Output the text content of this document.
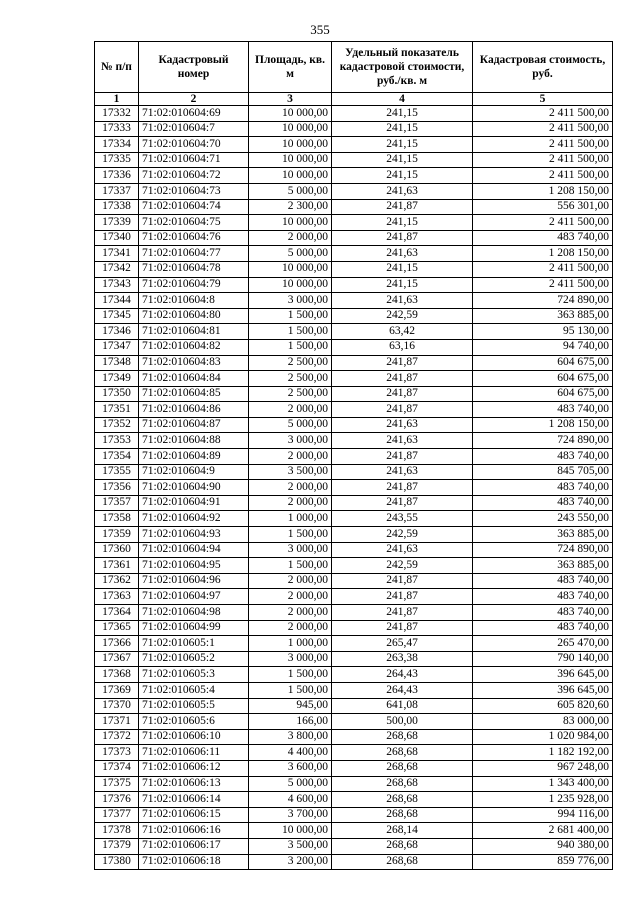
355
№ п/п	Кадастровый номер	Площадь, кв. м	Удельный показатель кадастровой стоимости, руб./кв. м	Кадастровая стоимость, руб.
1	2	3	4	5
17332	71:02:010604:69	10 000,00	241,15	2 411 500,00
17333	71:02:010604:7	10 000,00	241,15	2 411 500,00
17334	71:02:010604:70	10 000,00	241,15	2 411 500,00
17335	71:02:010604:71	10 000,00	241,15	2 411 500,00
17336	71:02:010604:72	10 000,00	241,15	2 411 500,00
17337	71:02:010604:73	5 000,00	241,63	1 208 150,00
17338	71:02:010604:74	2 300,00	241,87	556 301,00
17339	71:02:010604:75	10 000,00	241,15	2 411 500,00
17340	71:02:010604:76	2 000,00	241,87	483 740,00
17341	71:02:010604:77	5 000,00	241,63	1 208 150,00
17342	71:02:010604:78	10 000,00	241,15	2 411 500,00
17343	71:02:010604:79	10 000,00	241,15	2 411 500,00
17344	71:02:010604:8	3 000,00	241,63	724 890,00
17345	71:02:010604:80	1 500,00	242,59	363 885,00
17346	71:02:010604:81	1 500,00	63,42	95 130,00
17347	71:02:010604:82	1 500,00	63,16	94 740,00
17348	71:02:010604:83	2 500,00	241,87	604 675,00
17349	71:02:010604:84	2 500,00	241,87	604 675,00
17350	71:02:010604:85	2 500,00	241,87	604 675,00
17351	71:02:010604:86	2 000,00	241,87	483 740,00
17352	71:02:010604:87	5 000,00	241,63	1 208 150,00
17353	71:02:010604:88	3 000,00	241,63	724 890,00
17354	71:02:010604:89	2 000,00	241,87	483 740,00
17355	71:02:010604:9	3 500,00	241,63	845 705,00
17356	71:02:010604:90	2 000,00	241,87	483 740,00
17357	71:02:010604:91	2 000,00	241,87	483 740,00
17358	71:02:010604:92	1 000,00	243,55	243 550,00
17359	71:02:010604:93	1 500,00	242,59	363 885,00
17360	71:02:010604:94	3 000,00	241,63	724 890,00
17361	71:02:010604:95	1 500,00	242,59	363 885,00
17362	71:02:010604:96	2 000,00	241,87	483 740,00
17363	71:02:010604:97	2 000,00	241,87	483 740,00
17364	71:02:010604:98	2 000,00	241,87	483 740,00
17365	71:02:010604:99	2 000,00	241,87	483 740,00
17366	71:02:010605:1	1 000,00	265,47	265 470,00
17367	71:02:010605:2	3 000,00	263,38	790 140,00
17368	71:02:010605:3	1 500,00	264,43	396 645,00
17369	71:02:010605:4	1 500,00	264,43	396 645,00
17370	71:02:010605:5	945,00	641,08	605 820,60
17371	71:02:010605:6	166,00	500,00	83 000,00
17372	71:02:010606:10	3 800,00	268,68	1 020 984,00
17373	71:02:010606:11	4 400,00	268,68	1 182 192,00
17374	71:02:010606:12	3 600,00	268,68	967 248,00
17375	71:02:010606:13	5 000,00	268,68	1 343 400,00
17376	71:02:010606:14	4 600,00	268,68	1 235 928,00
17377	71:02:010606:15	3 700,00	268,68	994 116,00
17378	71:02:010606:16	10 000,00	268,14	2 681 400,00
17379	71:02:010606:17	3 500,00	268,68	940 380,00
17380	71:02:010606:18	3 200,00	268,68	859 776,00
